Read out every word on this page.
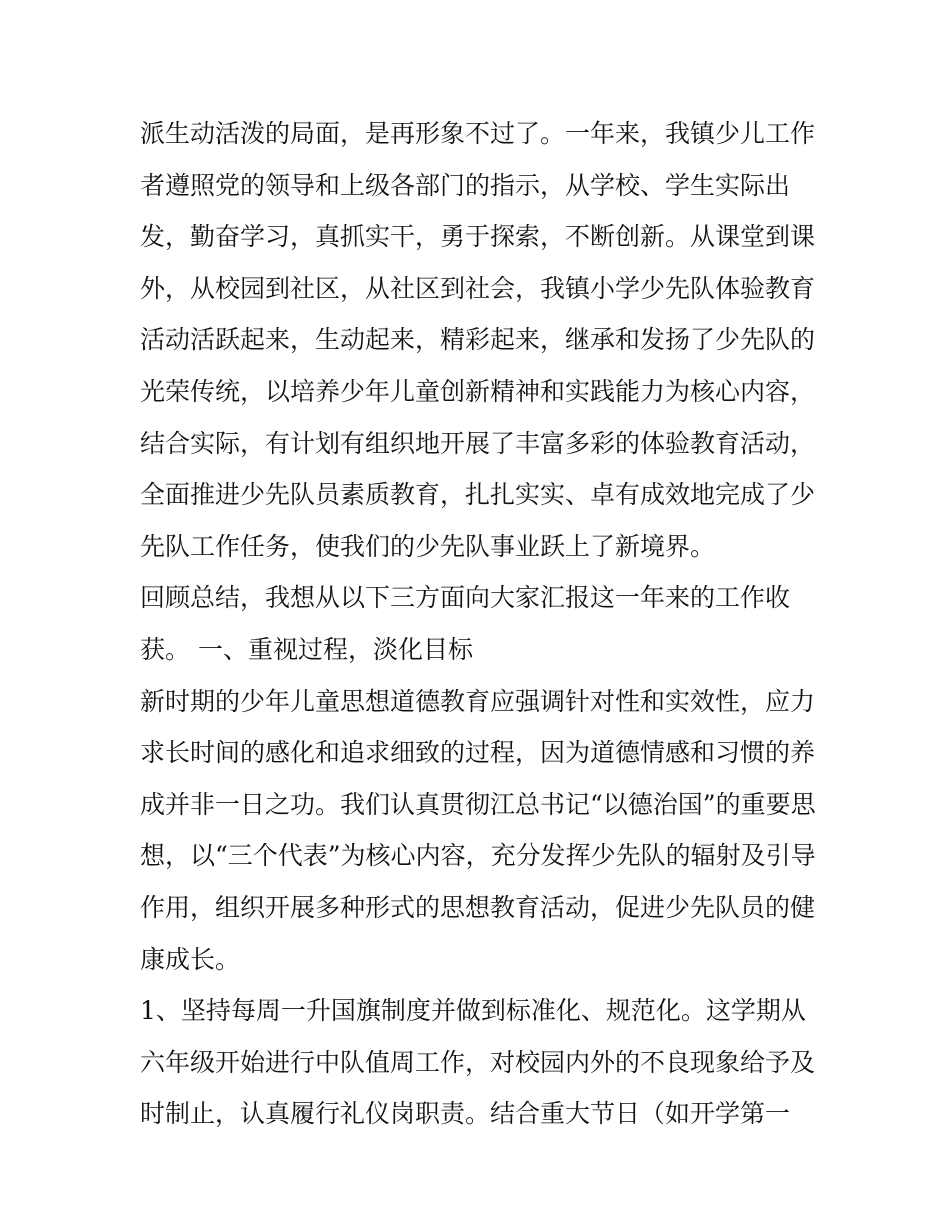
派生动活泼的局面，是再形象不过了。一年来，我镇少儿工作

者遵照党的领导和上级各部门的指示，从学校、学生实际出

发，勤奋学习，真抓实干，勇于探索，不断创新。从课堂到课

外，从校园到社区，从社区到社会，我镇小学少先队体验教育

活动活跃起来，生动起来，精彩起来，继承和发扬了少先队的

光荣传统，以培养少年儿童创新精神和实践能力为核心内容，

结合实际，有计划有组织地开展了丰富多彩的体验教育活动，

全面推进少先队员素质教育，扎扎实实、卓有成效地完成了少

先队工作任务，使我们的少先队事业跃上了新境界。

回顾总结，我想从以下三方面向大家汇报这一年来的工作收

获。 一、重视过程，淡化目标

新时期的少年儿童思想道德教育应强调针对性和实效性，应力

求长时间的感化和追求细致的过程，因为道德情感和习惯的养

成并非一日之功。我们认真贯彻江总书记“以德治国”的重要思

想，以“三个代表”为核心内容，充分发挥少先队的辐射及引导

作用，组织开展多种形式的思想教育活动，促进少先队员的健

康成长。

1、坚持每周一升国旗制度并做到标准化、规范化。这学期从

六年级开始进行中队值周工作，对校园内外的不良现象给予及

时制止，认真履行礼仪岗职责。结合重大节日（如开学第一
